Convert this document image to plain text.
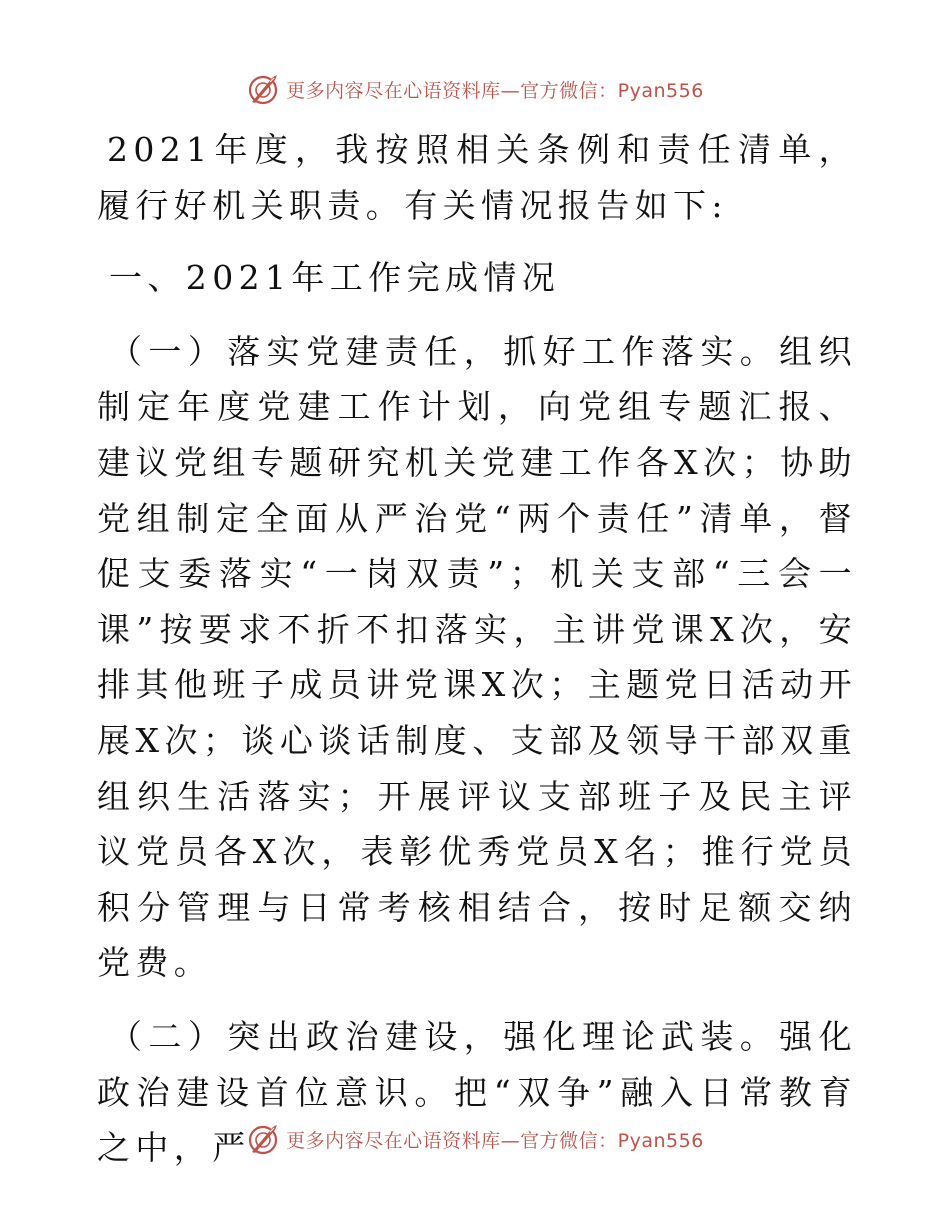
更多内容尽在心语资料库—官方微信：Pyan556

2021年度，我按照相关条例和责任清单，履行好机关职责。有关情况报告如下:

一、2021年工作完成情况

（一）落实党建责任，抓好工作落实。组织制定年度党建工作计划，向党组专题汇报、建议党组专题研究机关党建工作各X次；协助党组制定全面从严治党“两个责任”清单，督促支委落实“一岗双责”；机关支部“三会一课”按要求不折不扣落实，主讲党课X次，安排其他班子成员讲党课X次；主题党日活动开展X次；谈心谈话制度、支部及领导干部双重组织生活落实；开展评议支部班子及民主评议党员各X次，表彰优秀党员X名；推行党员积分管理与日常考核相结合，按时足额交纳党费。

（二）突出政治建设，强化理论武装。强化政治建设首位意识。把“双争”融入日常教育之中，严	更多内容尽在心语资料库—官方微信：Pyan556
